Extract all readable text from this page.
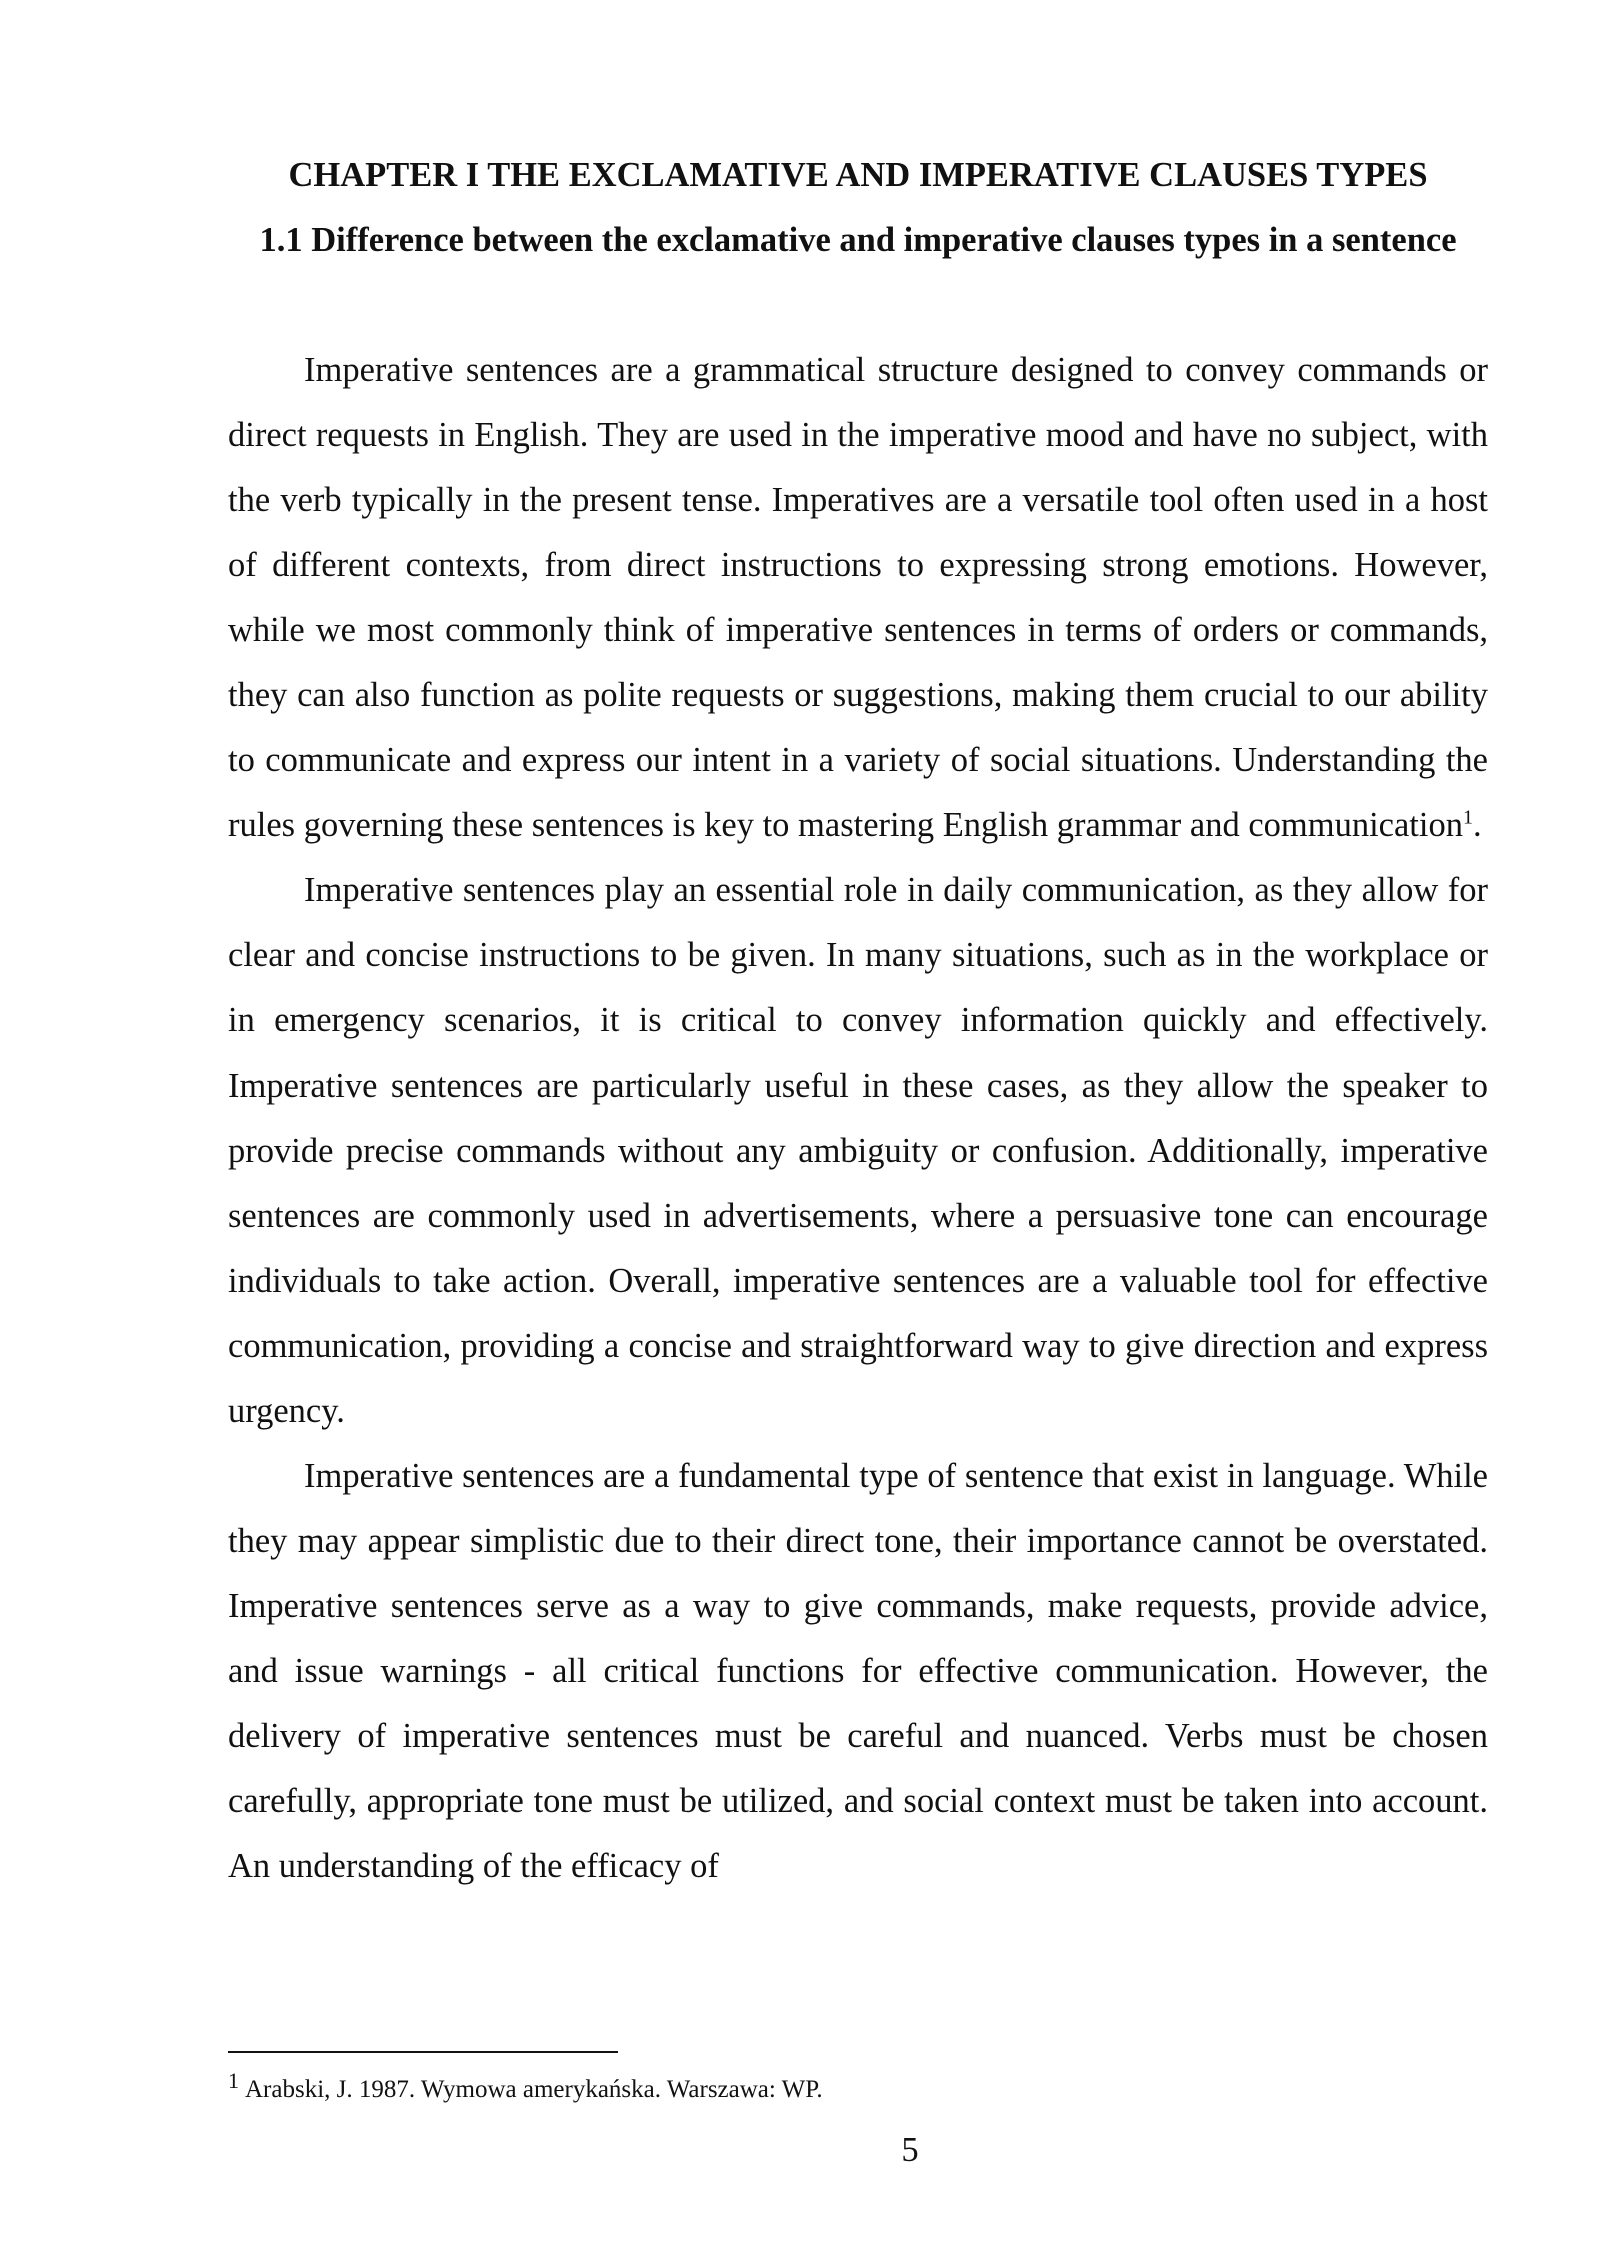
CHAPTER I THE EXCLAMATIVE AND IMPERATIVE CLAUSES TYPES
1.1 Difference between the exclamative and imperative clauses types in a sentence

Imperative sentences are a grammatical structure designed to convey commands or direct requests in English. They are used in the imperative mood and have no subject, with the verb typically in the present tense. Imperatives are a versatile tool often used in a host of different contexts, from direct instructions to expressing strong emotions. However, while we most commonly think of imperative sentences in terms of orders or commands, they can also function as polite requests or suggestions, making them crucial to our ability to communicate and express our intent in a variety of social situations. Understanding the rules governing these sentences is key to mastering English grammar and communication$^1$.

Imperative sentences play an essential role in daily communication, as they allow for clear and concise instructions to be given. In many situations, such as in the workplace or in emergency scenarios, it is critical to convey information quickly and effectively. Imperative sentences are particularly useful in these cases, as they allow the speaker to provide precise commands without any ambiguity or confusion. Additionally, imperative sentences are commonly used in advertisements, where a persuasive tone can encourage individuals to take action. Overall, imperative sentences are a valuable tool for effective communication, providing a concise and straightforward way to give direction and express urgency.

Imperative sentences are a fundamental type of sentence that exist in language. While they may appear simplistic due to their direct tone, their importance cannot be overstated. Imperative sentences serve as a way to give commands, make requests, provide advice, and issue warnings - all critical functions for effective communication. However, the delivery of imperative sentences must be careful and nuanced. Verbs must be chosen carefully, appropriate tone must be utilized, and social context must be taken into account. An understanding of the efficacy of

1 Arabski, J. 1987. Wymowa amerykańska. Warszawa: WP.

5
